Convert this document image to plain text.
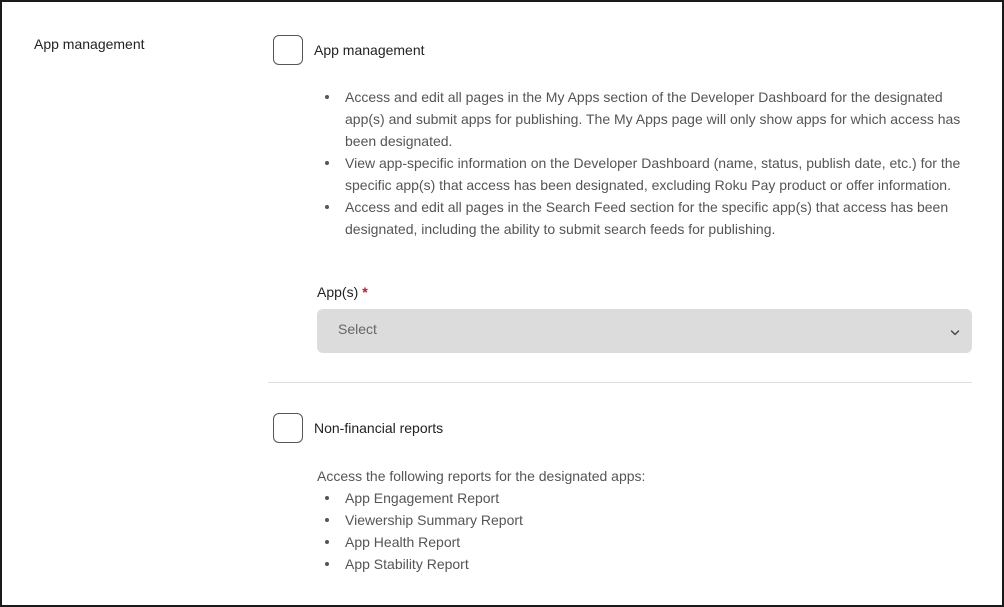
App management	App management
Access and edit all pages in the My Apps section of the Developer Dashboard for the designated app(s) and submit apps for publishing. The My Apps page will only show apps for which access has been designated.
View app-specific information on the Developer Dashboard (name, status, publish date, etc.) for the specific app(s) that access has been designated, excluding Roku Pay product or offer information.
Access and edit all pages in the Search Feed section for the specific app(s) that access has been designated, including the ability to submit search feeds for publishing.
App(s) *
Select
Non-financial reports
Access the following reports for the designated apps:
App Engagement Report
Viewership Summary Report
App Health Report
App Stability Report
